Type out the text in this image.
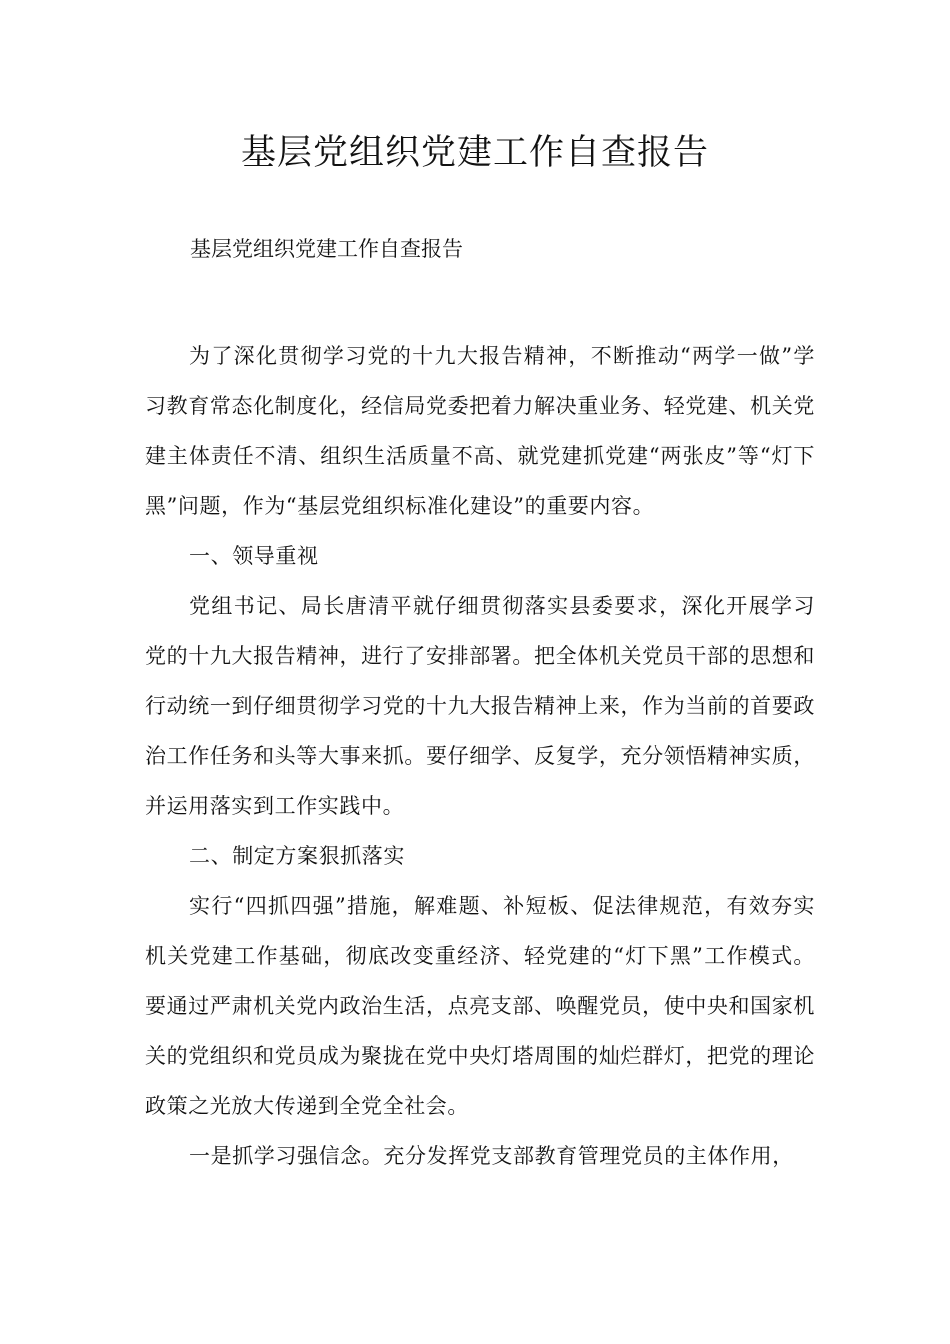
基层党组织党建工作自查报告

基层党组织党建工作自查报告

为了深化贯彻学习党的十九大报告精神，不断推动“两学一做”学习教育常态化制度化，经信局党委把着力解决重业务、轻党建、机关党建主体责任不清、组织生活质量不高、就党建抓党建“两张皮”等“灯下黑”问题，作为“基层党组织标准化建设”的重要内容。

一、领导重视

党组书记、局长唐清平就仔细贯彻落实县委要求，深化开展学习党的十九大报告精神，进行了安排部署。把全体机关党员干部的思想和行动统一到仔细贯彻学习党的十九大报告精神上来，作为当前的首要政治工作任务和头等大事来抓。要仔细学、反复学，充分领悟精神实质，并运用落实到工作实践中。

二、制定方案狠抓落实

实行“四抓四强”措施，解难题、补短板、促法律规范，有效夯实机关党建工作基础，彻底改变重经济、轻党建的“灯下黑”工作模式。要通过严肃机关党内政治生活，点亮支部、唤醒党员，使中央和国家机关的党组织和党员成为聚拢在党中央灯塔周围的灿烂群灯，把党的理论政策之光放大传递到全党全社会。

一是抓学习强信念。充分发挥党支部教育管理党员的主体作用，
